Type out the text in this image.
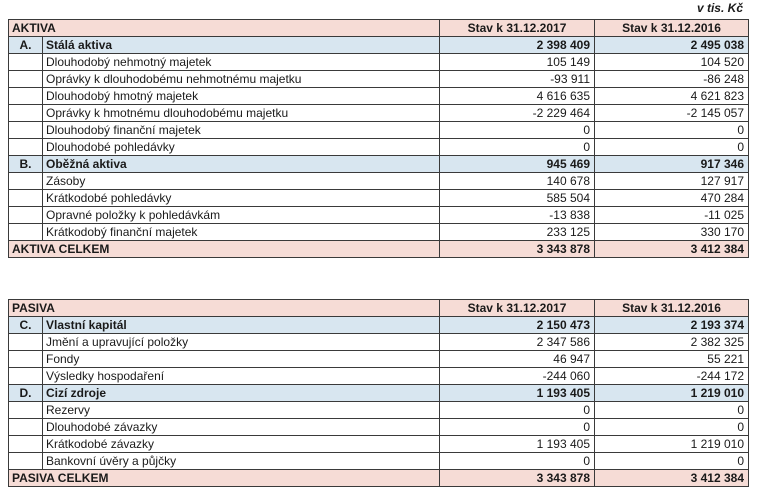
v tis. Kč
AKTIVA		Stav k 31.12.2017	Stav k 31.12.2016
A.	Stálá aktiva	2 398 409	2 495 038
	Dlouhodobý nehmotný majetek	105 149	104 520
	Oprávky k dlouhodobému nehmotnému majetku	-93 911	-86 248
	Dlouhodobý hmotný majetek	4 616 635	4 621 823
	Oprávky k hmotnému dlouhodobému majetku	-2 229 464	-2 145 057
	Dlouhodobý finanční majetek	0	0
	Dlouhodobé pohledávky	0	0
B.	Oběžná aktiva	945 469	917 346
	Zásoby	140 678	127 917
	Krátkodobé pohledávky	585 504	470 284
	Opravné položky k pohledávkám	-13 838	-11 025
	Krátkodobý finanční majetek	233 125	330 170
AKTIVA CELKEM		3 343 878	3 412 384
PASIVA		Stav k 31.12.2017	Stav k 31.12.2016
C.	Vlastní kapitál	2 150 473	2 193 374
	Jmění a upravující položky	2 347 586	2 382 325
	Fondy	46 947	55 221
	Výsledky hospodaření	-244 060	-244 172
D.	Cizí zdroje	1 193 405	1 219 010
	Rezervy	0	0
	Dlouhodobé závazky	0	0
	Krátkodobé závazky	1 193 405	1 219 010
	Bankovní úvěry a půjčky	0	0
PASIVA CELKEM		3 343 878	3 412 384
